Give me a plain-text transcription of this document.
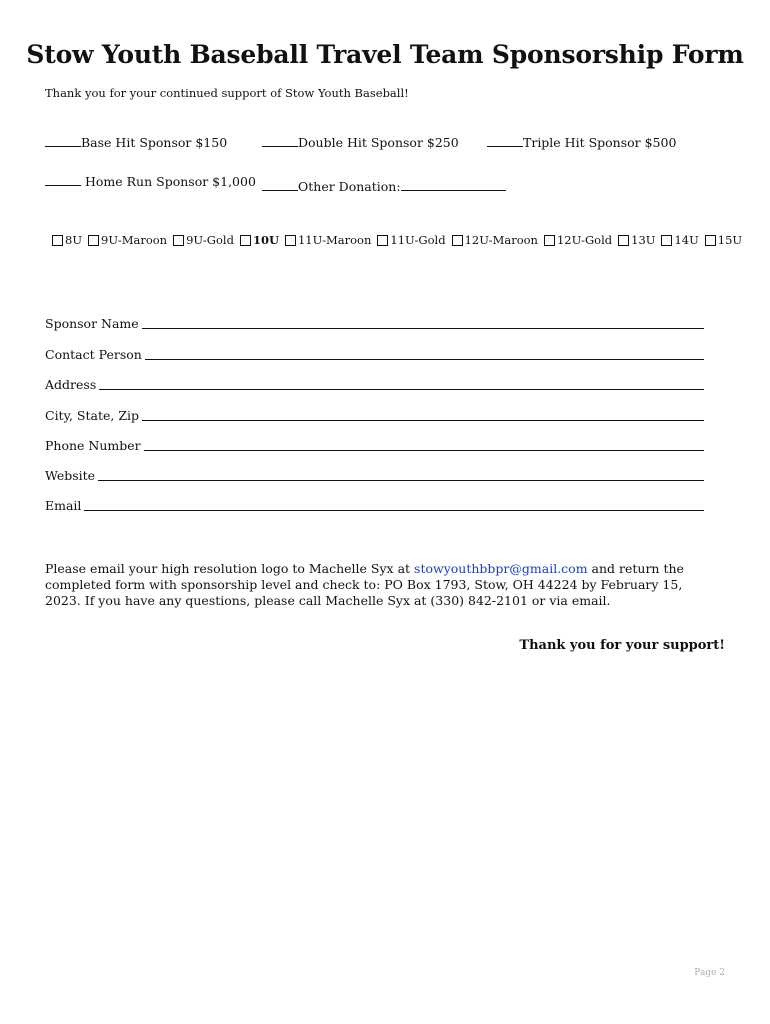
Stow Youth Baseball Travel Team Sponsorship Form
Thank you for your continued support of Stow Youth Baseball!
Base Hit Sponsor $150	Double Hit Sponsor $250	Triple Hit Sponsor $500
Home Run Sponsor $1,000	Other Donation:
8U 9U-Maroon 9U-Gold 10U 11U-Maroon 11U-Gold 12U-Maroon 12U-Gold 13U 14U 15U
Sponsor Name
Contact Person
Address
City, State, Zip
Phone Number
Website
Email
Please email your high resolution logo to Machelle Syx at stowyouthbbpr@gmail.com and return the completed form with sponsorship level and check to: PO Box 1793, Stow, OH 44224 by February 15, 2023. If you have any questions, please call Machelle Syx at (330) 842-2101 or via email.
Thank you for your support!
Page 2
